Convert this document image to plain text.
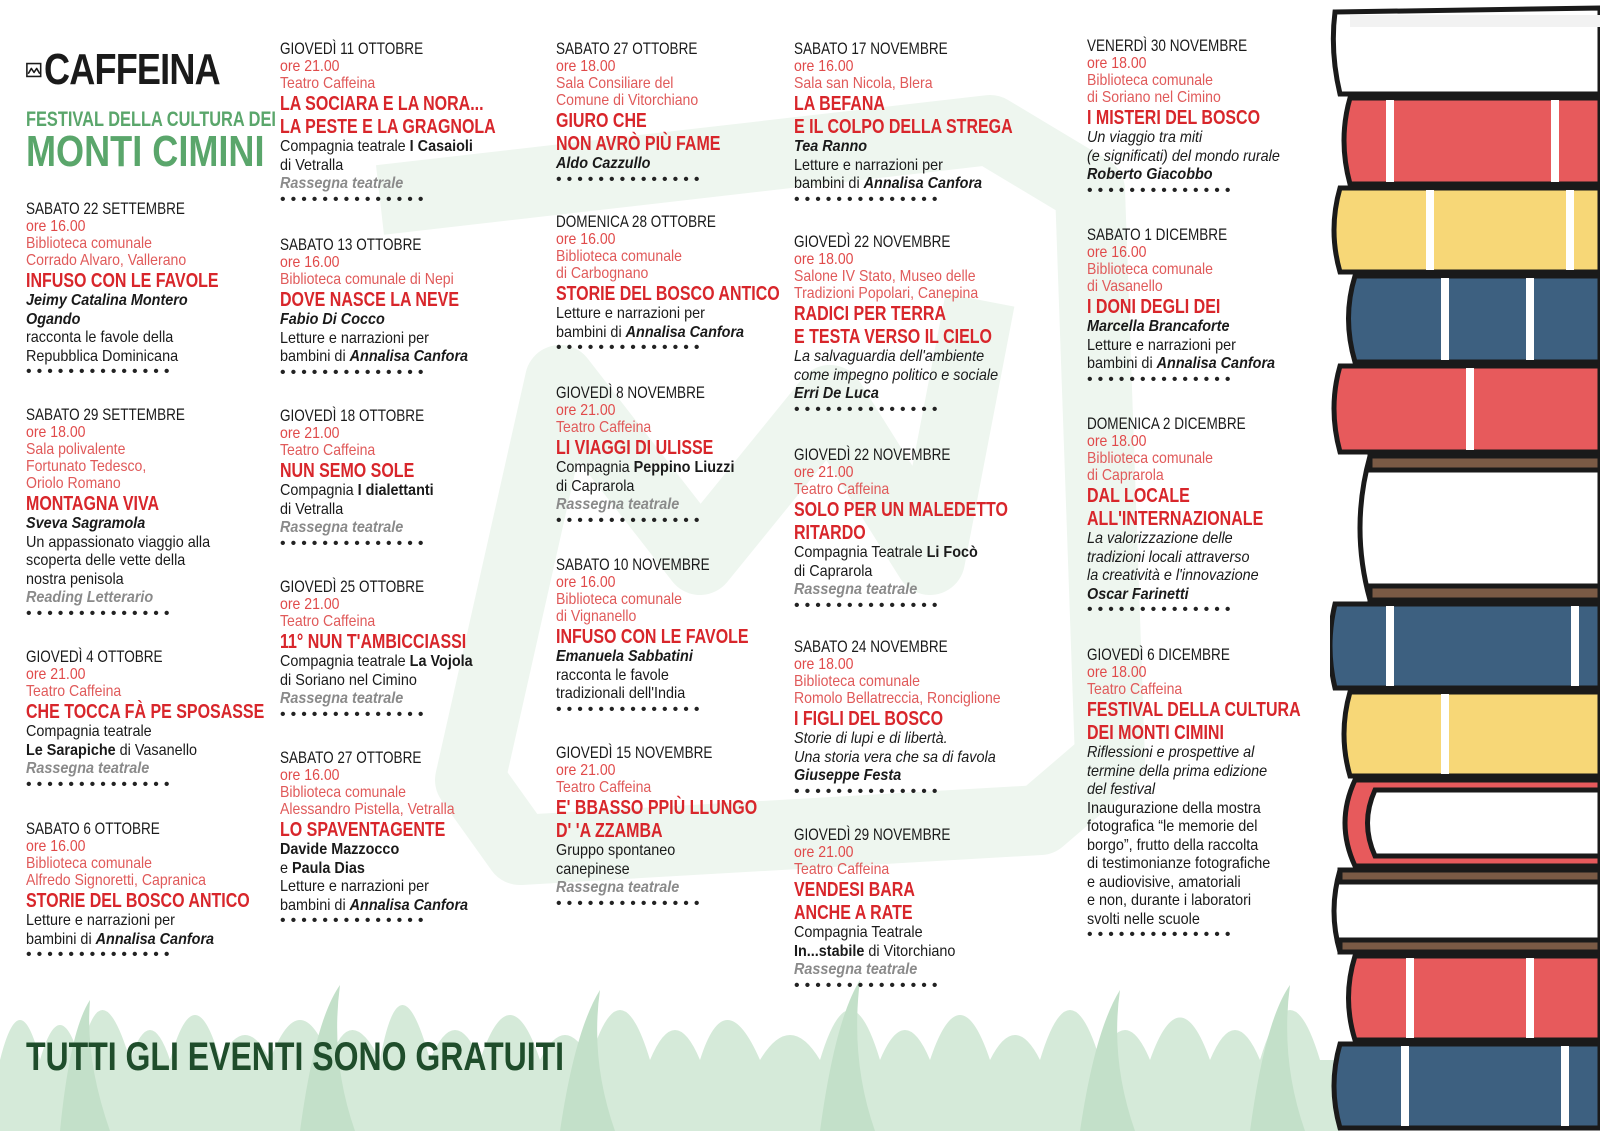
CAFFEINA
FESTIVAL DELLA CULTURA DEI
MONTI CIMINI
SABATO 22 SETTEMBRE
ore 16.00
Biblioteca comunale
Corrado Alvaro, Vallerano
INFUSO CON LE FAVOLE
Jeimy Catalina Montero
Ogando
racconta le favole della
Repubblica Dominicana
••••••••••••••
SABATO 29 SETTEMBRE
ore 18.00
Sala polivalente
Fortunato Tedesco,
Oriolo Romano
MONTAGNA VIVA
Sveva Sagramola
Un appassionato viaggio alla
scoperta delle vette della
nostra penisola
Reading Letterario
••••••••••••••
GIOVEDÌ 4 OTTOBRE
ore 21.00
Teatro Caffeina
CHE TOCCA FÀ PE SPOSASSE
Compagnia teatrale
Le Sarapiche di Vasanello
Rassegna teatrale
••••••••••••••
SABATO 6 OTTOBRE
ore 16.00
Biblioteca comunale
Alfredo Signoretti, Capranica
STORIE DEL BOSCO ANTICO
Letture e narrazioni per
bambini di Annalisa Canfora
••••••••••••••
GIOVEDÌ 11 OTTOBRE
ore 21.00
Teatro Caffeina
LA SOCIARA E LA NORA...
LA PESTE E LA GRAGNOLA
Compagnia teatrale I Casaioli
di Vetralla
Rassegna teatrale
••••••••••••••
SABATO 13 OTTOBRE
ore 16.00
Biblioteca comunale di Nepi
DOVE NASCE LA NEVE
Fabio Di Cocco
Letture e narrazioni per
bambini di Annalisa Canfora
••••••••••••••
GIOVEDÌ 18 OTTOBRE
ore 21.00
Teatro Caffeina
NUN SEMO SOLE
Compagnia I dialettanti
di Vetralla
Rassegna teatrale
••••••••••••••
GIOVEDÌ 25 OTTOBRE
ore 21.00
Teatro Caffeina
11° NUN T'AMBICCIASSI
Compagnia teatrale La Vojola
di Soriano nel Cimino
Rassegna teatrale
••••••••••••••
SABATO 27 OTTOBRE
ore 16.00
Biblioteca comunale
Alessandro Pistella, Vetralla
LO SPAVENTAGENTE
Davide Mazzocco
e Paula Dias
Letture e narrazioni per
bambini di Annalisa Canfora
••••••••••••••
SABATO 27 OTTOBRE
ore 18.00
Sala Consiliare del
Comune di Vitorchiano
GIURO CHE
NON AVRÒ PIÙ FAME
Aldo Cazzullo
••••••••••••••
DOMENICA 28 OTTOBRE
ore 16.00
Biblioteca comunale
di Carbognano
STORIE DEL BOSCO ANTICO
Letture e narrazioni per
bambini di Annalisa Canfora
••••••••••••••
GIOVEDÌ 8 NOVEMBRE
ore 21.00
Teatro Caffeina
LI VIAGGI DI ULISSE
Compagnia Peppino Liuzzi
di Caprarola
Rassegna teatrale
••••••••••••••
SABATO 10 NOVEMBRE
ore 16.00
Biblioteca comunale
di Vignanello
INFUSO CON LE FAVOLE
Emanuela Sabbatini
racconta le favole
tradizionali dell'India
••••••••••••••
GIOVEDÌ 15 NOVEMBRE
ore 21.00
Teatro Caffeina
E' BBASSO PPIÙ LLUNGO
D' 'A ZZAMBA
Gruppo spontaneo
canepinese
Rassegna teatrale
••••••••••••••
SABATO 17 NOVEMBRE
ore 16.00
Sala san Nicola, Blera
LA BEFANA
E IL COLPO DELLA STREGA
Tea Ranno
Letture e narrazioni per
bambini di Annalisa Canfora
••••••••••••••
GIOVEDÌ 22 NOVEMBRE
ore 18.00
Salone IV Stato, Museo delle
Tradizioni Popolari, Canepina
RADICI PER TERRA
E TESTA VERSO IL CIELO
La salvaguardia dell'ambiente
come impegno politico e sociale
Erri De Luca
••••••••••••••
GIOVEDÌ 22 NOVEMBRE
ore 21.00
Teatro Caffeina
SOLO PER UN MALEDETTO
RITARDO
Compagnia Teatrale Li Focò
di Caprarola
Rassegna teatrale
••••••••••••••
SABATO 24 NOVEMBRE
ore 18.00
Biblioteca comunale
Romolo Bellatreccia, Ronciglione
I FIGLI DEL BOSCO
Storie di lupi e di libertà.
Una storia vera che sa di favola
Giuseppe Festa
••••••••••••••
GIOVEDÌ 29 NOVEMBRE
ore 21.00
Teatro Caffeina
VENDESI BARA
ANCHE A RATE
Compagnia Teatrale
In...stabile di Vitorchiano
Rassegna teatrale
••••••••••••••
VENERDÌ 30 NOVEMBRE
ore 18.00
Biblioteca comunale
di Soriano nel Cimino
I MISTERI DEL BOSCO
Un viaggio tra miti
(e significati) del mondo rurale
Roberto Giacobbo
••••••••••••••
SABATO 1 DICEMBRE
ore 16.00
Biblioteca comunale
di Vasanello
I DONI DEGLI DEI
Marcella Brancaforte
Letture e narrazioni per
bambini di Annalisa Canfora
••••••••••••••
DOMENICA 2 DICEMBRE
ore 18.00
Biblioteca comunale
di Caprarola
DAL LOCALE
ALL'INTERNAZIONALE
La valorizzazione delle
tradizioni locali attraverso
la creatività e l'innovazione
Oscar Farinetti
••••••••••••••
GIOVEDÌ 6 DICEMBRE
ore 18.00
Teatro Caffeina
FESTIVAL DELLA CULTURA
DEI MONTI CIMINI
Riflessioni e prospettive al
termine della prima edizione
del festival
Inaugurazione della mostra
fotografica “le memorie del
borgo”, frutto della raccolta
di testimonianze fotografiche
e audiovisive, amatoriali
e non, durante i laboratori
svolti nelle scuole
••••••••••••••
TUTTI GLI EVENTI SONO GRATUITI
